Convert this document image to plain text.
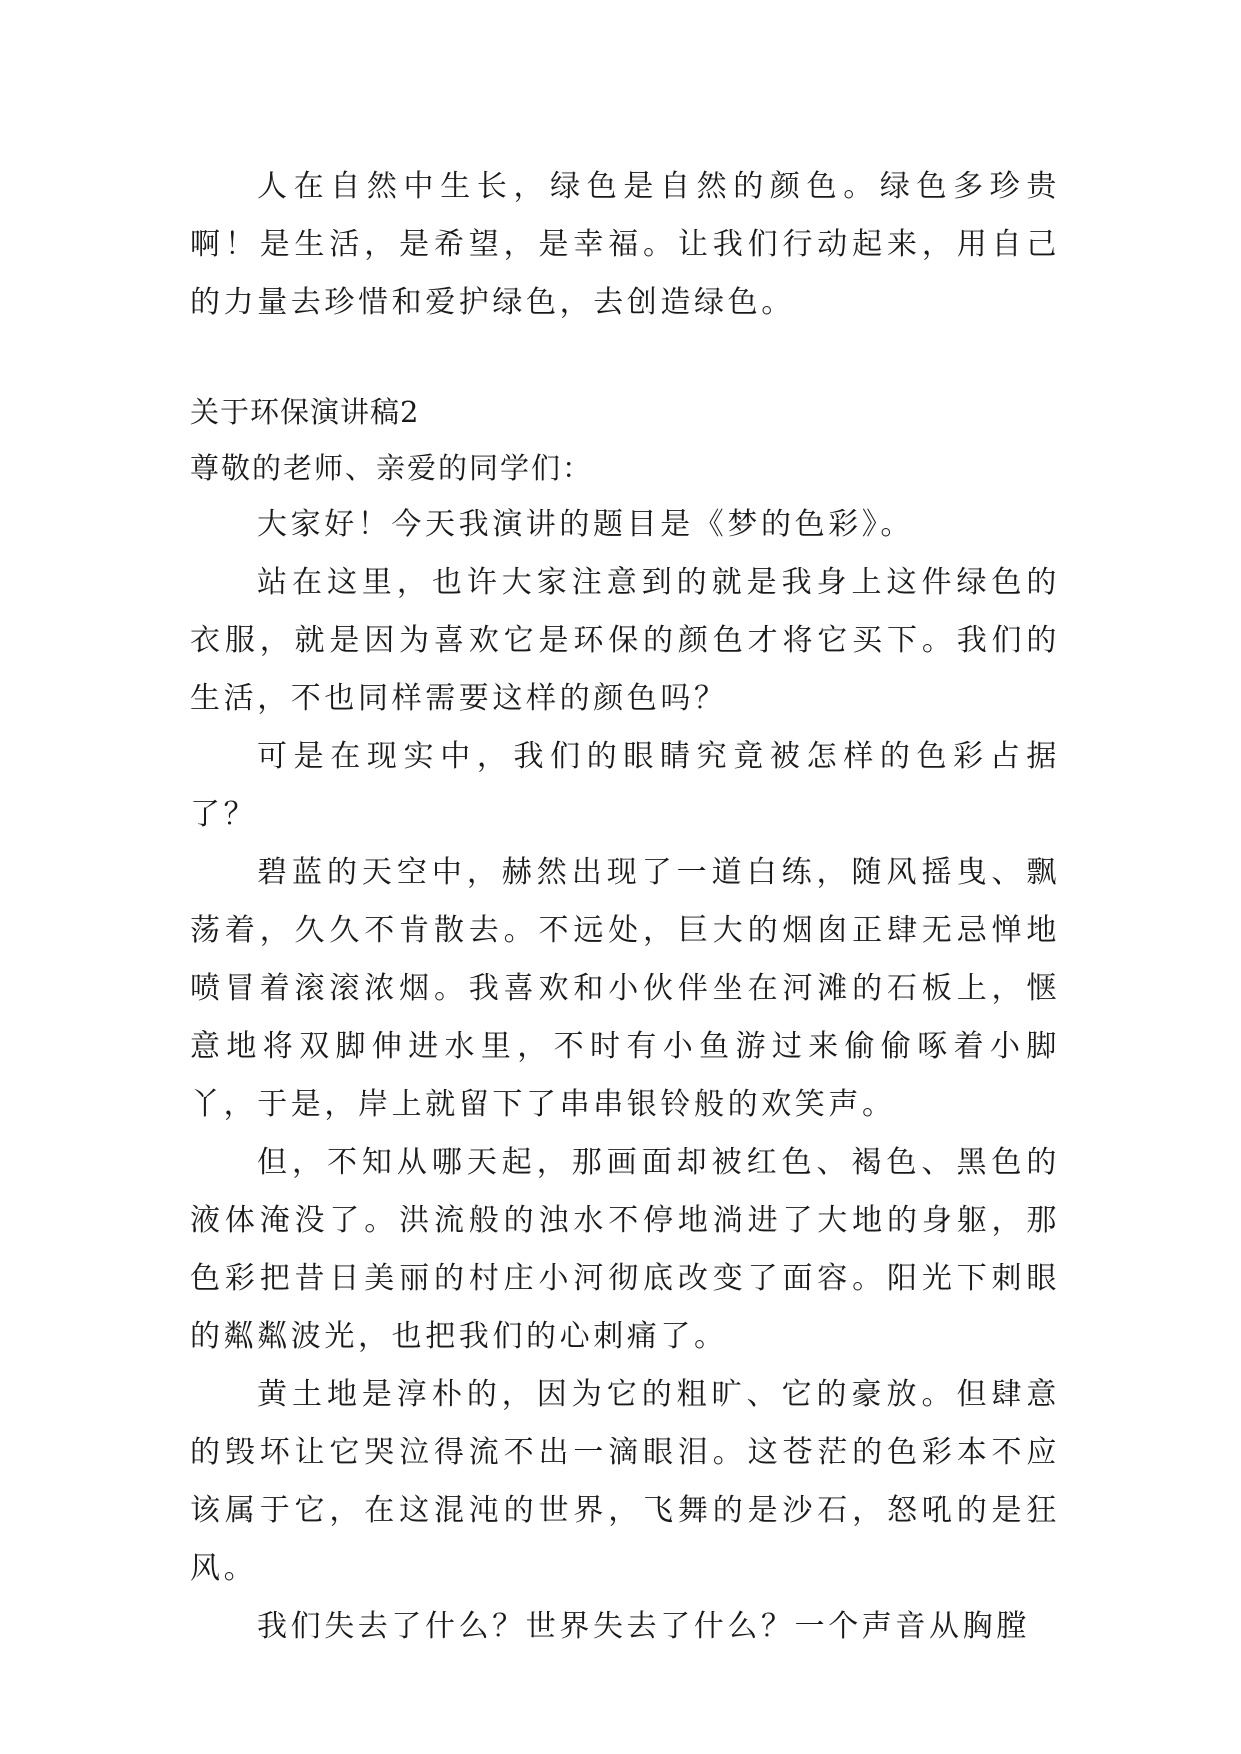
人在自然中生长，绿色是自然的颜色。绿色多珍贵啊！是生活，是希望，是幸福。让我们行动起来，用自己的力量去珍惜和爱护绿色，去创造绿色。

关于环保演讲稿2

尊敬的老师、亲爱的同学们：

大家好！今天我演讲的题目是《梦的色彩》。

站在这里，也许大家注意到的就是我身上这件绿色的衣服，就是因为喜欢它是环保的颜色才将它买下。我们的生活，不也同样需要这样的颜色吗？

可是在现实中，我们的眼睛究竟被怎样的色彩占据了？

碧蓝的天空中，赫然出现了一道白练，随风摇曳、飘荡着，久久不肯散去。不远处，巨大的烟囱正肆无忌惮地喷冒着滚滚浓烟。我喜欢和小伙伴坐在河滩的石板上，惬意地将双脚伸进水里，不时有小鱼游过来偷偷啄着小脚丫，于是，岸上就留下了串串银铃般的欢笑声。

但，不知从哪天起，那画面却被红色、褐色、黑色的液体淹没了。洪流般的浊水不停地淌进了大地的身躯，那色彩把昔日美丽的村庄小河彻底改变了面容。阳光下刺眼的粼粼波光，也把我们的心刺痛了。

黄土地是淳朴的，因为它的粗旷、它的豪放。但肆意的毁坏让它哭泣得流不出一滴眼泪。这苍茫的色彩本不应该属于它，在这混沌的世界，飞舞的是沙石，怒吼的是狂风。

我们失去了什么？世界失去了什么？一个声音从胸膛
